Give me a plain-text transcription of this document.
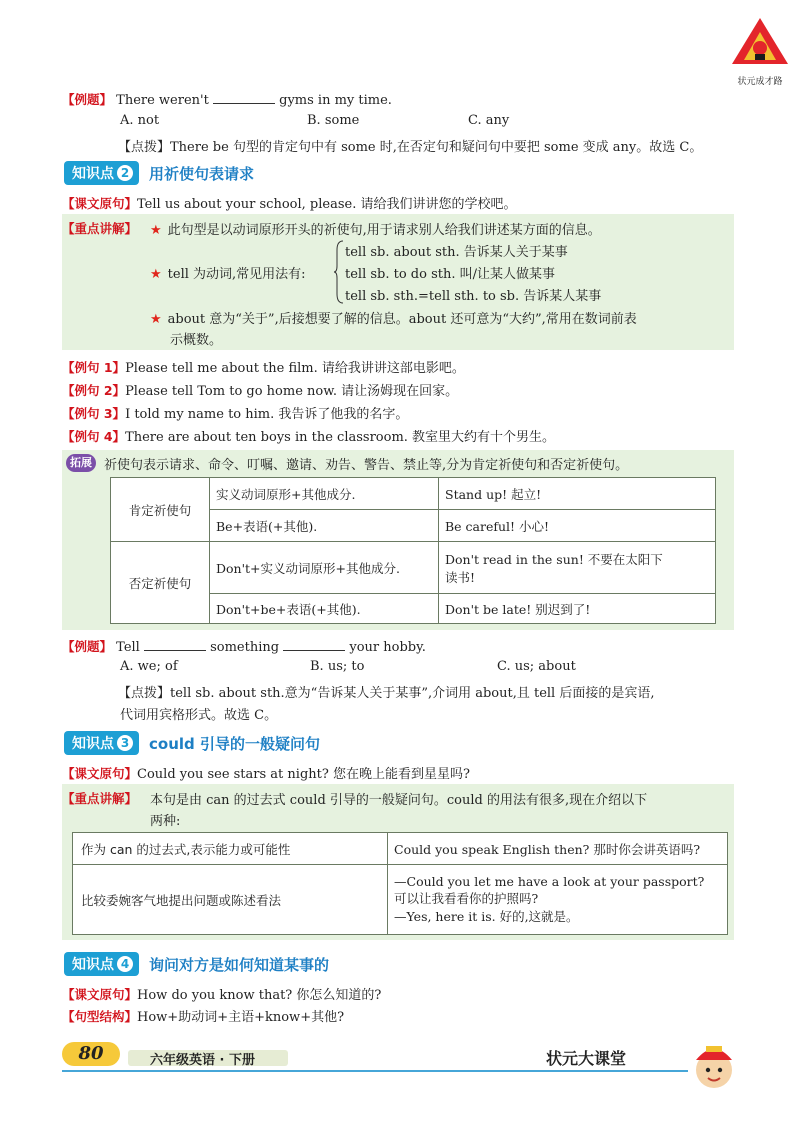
状元成才路
【例题】 There weren't	gyms in my time.
A. not	B. some	C. any
【点拨】There be 句型的肯定句中有 some 时,在否定句和疑问句中要把 some 变成 any。故选 C。
知识点 2 用祈使句表请求
【课文原句】Tell us about your school, please. 请给我们讲讲您的学校吧。
【重点讲解】 ★ 此句型是以动词原形开头的祈使句,用于请求别人给我们讲述某方面的信息。
★ tell 为动词,常见用法有:
tell sb. about sth. 告诉某人关于某事
tell sb. to do sth. 叫/让某人做某事
tell sb. sth.=tell sth. to sb. 告诉某人某事
★ about 意为“关于”,后接想要了解的信息。about 还可意为“大约”,常用在数词前表
示概数。
【例句 1】Please tell me about the film. 请给我讲讲这部电影吧。
【例句 2】Please tell Tom to go home now. 请让汤姆现在回家。
【例句 3】I told my name to him. 我告诉了他我的名字。
【例句 4】There are about ten boys in the classroom. 教室里大约有十个男生。
拓展 祈使句表示请求、命令、叮嘱、邀请、劝告、警告、禁止等,分为肯定祈使句和否定祈使句。
肯定祈使句	实义动词原形+其他成分.	Stand up! 起立!
	Be+表语(+其他).	Be careful! 小心!
否定祈使句	Don't+实义动词原形+其他成分.	Don't read in the sun! 不要在太阳下
读书!

	Don't+be+表语(+其他).	Don't be late! 别迟到了!
【例题】 Tell	something	your hobby.
A. we; of	B. us; to	C. us; about
【点拨】tell sb. about sth.意为“告诉某人关于某事”,介词用 about,且 tell 后面接的是宾语,
代词用宾格形式。故选 C。
知识点 3 could 引导的一般疑问句
【课文原句】Could you see stars at night? 您在晚上能看到星星吗?
【重点讲解】 本句是由 can 的过去式 could 引导的一般疑问句。could 的用法有很多,现在介绍以下
两种:
作为 can 的过去式,表示能力或可能性	Could you speak English then? 那时你会讲英语吗?
比较委婉客气地提出问题或陈述看法	—Could you let me have a look at your passport?
可以让我看看你的护照吗?
—Yes, here it is. 好的,这就是。
知识点 4 询问对方是如何知道某事的
【课文原句】How do you know that? 你怎么知道的?
【句型结构】How+助动词+主语+know+其他?
80	六年级英语 · 下册	状元大课堂
